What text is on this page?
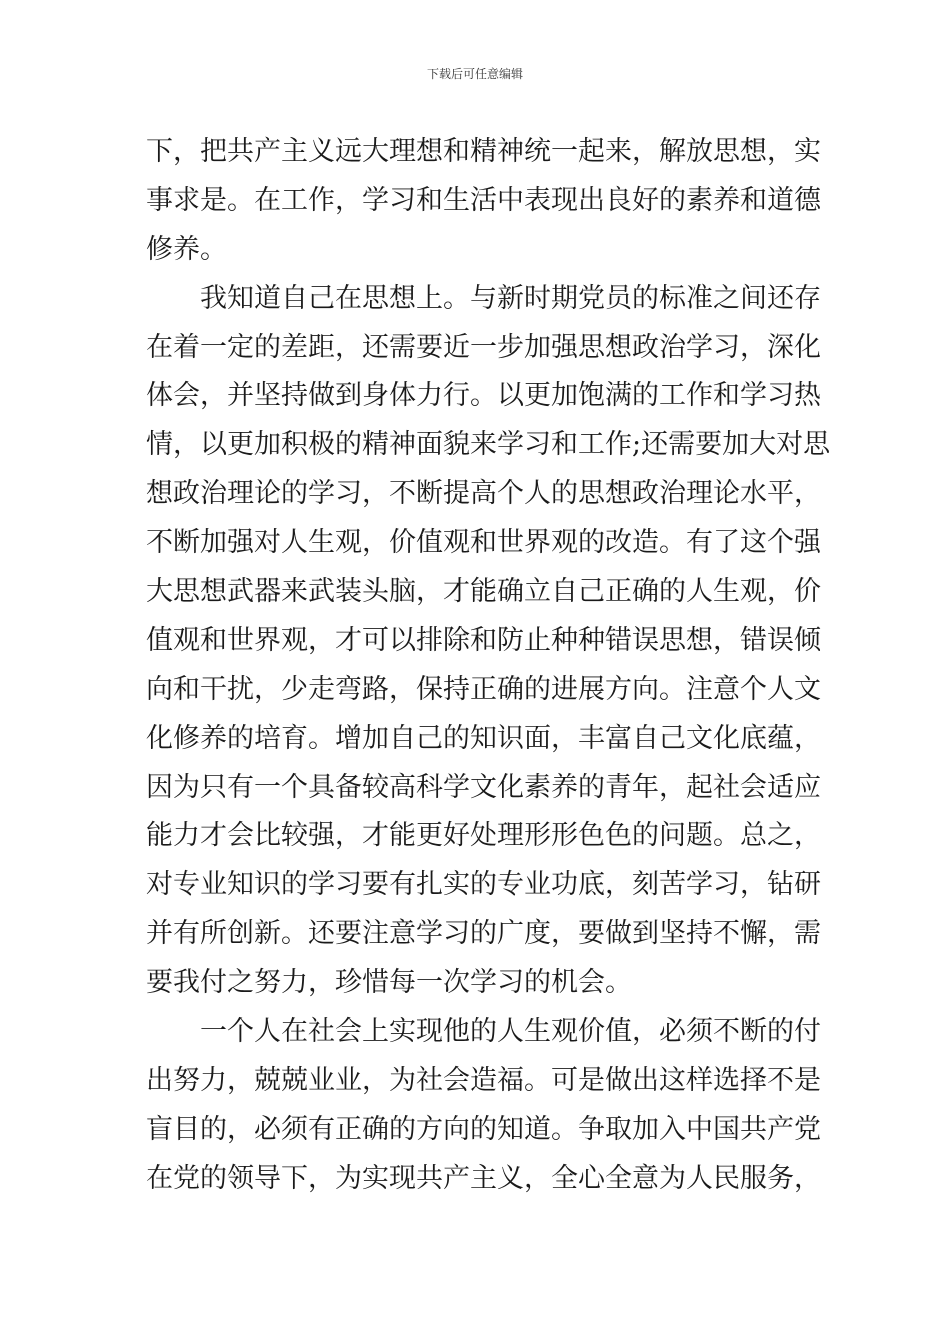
下载后可任意编辑
下，把共产主义远大理想和精神统一起来，解放思想，实
事求是。在工作，学习和生活中表现出良好的素养和道德
修养。
我知道自己在思想上。与新时期党员的标准之间还存
在着一定的差距，还需要近一步加强思想政治学习，深化
体会，并坚持做到身体力行。以更加饱满的工作和学习热
情，以更加积极的精神面貌来学习和工作;还需要加大对思
想政治理论的学习，不断提高个人的思想政治理论水平，
不断加强对人生观，价值观和世界观的改造。有了这个强
大思想武器来武装头脑，才能确立自己正确的人生观，价
值观和世界观，才可以排除和防止种种错误思想，错误倾
向和干扰，少走弯路，保持正确的进展方向。注意个人文
化修养的培育。增加自己的知识面，丰富自己文化底蕴，
因为只有一个具备较高科学文化素养的青年，起社会适应
能力才会比较强，才能更好处理形形色色的问题。总之，
对专业知识的学习要有扎实的专业功底，刻苦学习，钻研
并有所创新。还要注意学习的广度，要做到坚持不懈，需
要我付之努力，珍惜每一次学习的机会。
一个人在社会上实现他的人生观价值，必须不断的付
出努力，兢兢业业，为社会造福。可是做出这样选择不是
盲目的，必须有正确的方向的知道。争取加入中国共产党
在党的领导下，为实现共产主义，全心全意为人民服务，
